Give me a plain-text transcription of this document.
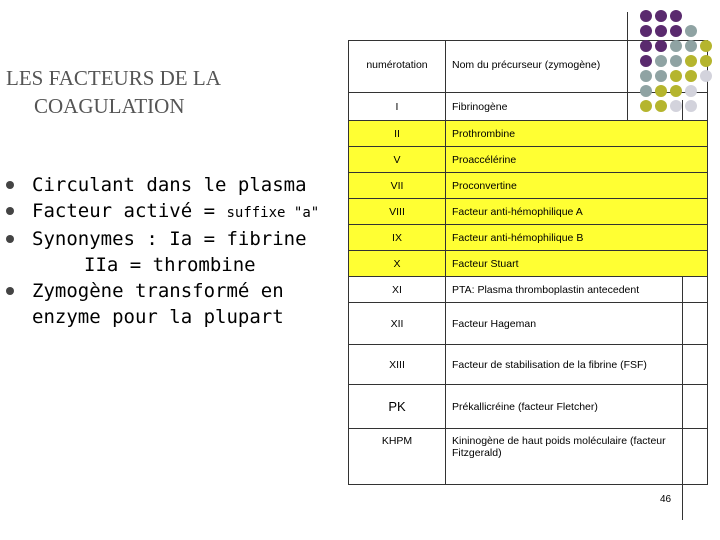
LES FACTEURS DE LA
COAGULATION
Circulant dans le plasma
Facteur activé = suffixe "a"
Synonymes : Ia = fibrine
IIa = thrombine
Zymogène transformé en
enzyme pour la plupart
numérotation	Nom du précurseur (zymogène)
I	Fibrinogène
II	Prothrombine
V	Proaccélérine
VII	Proconvertine
VIII	Facteur anti-hémophilique A
IX	Facteur anti-hémophilique B
X	Facteur Stuart
XI	PTA: Plasma thromboplastin antecedent
XII	Facteur Hageman
XIII	Facteur de stabilisation de la fibrine (FSF)
PK	Prékallicréine (facteur Fletcher)
KHPM	Kininogène de haut poids moléculaire (facteur Fitzgerald)
46
